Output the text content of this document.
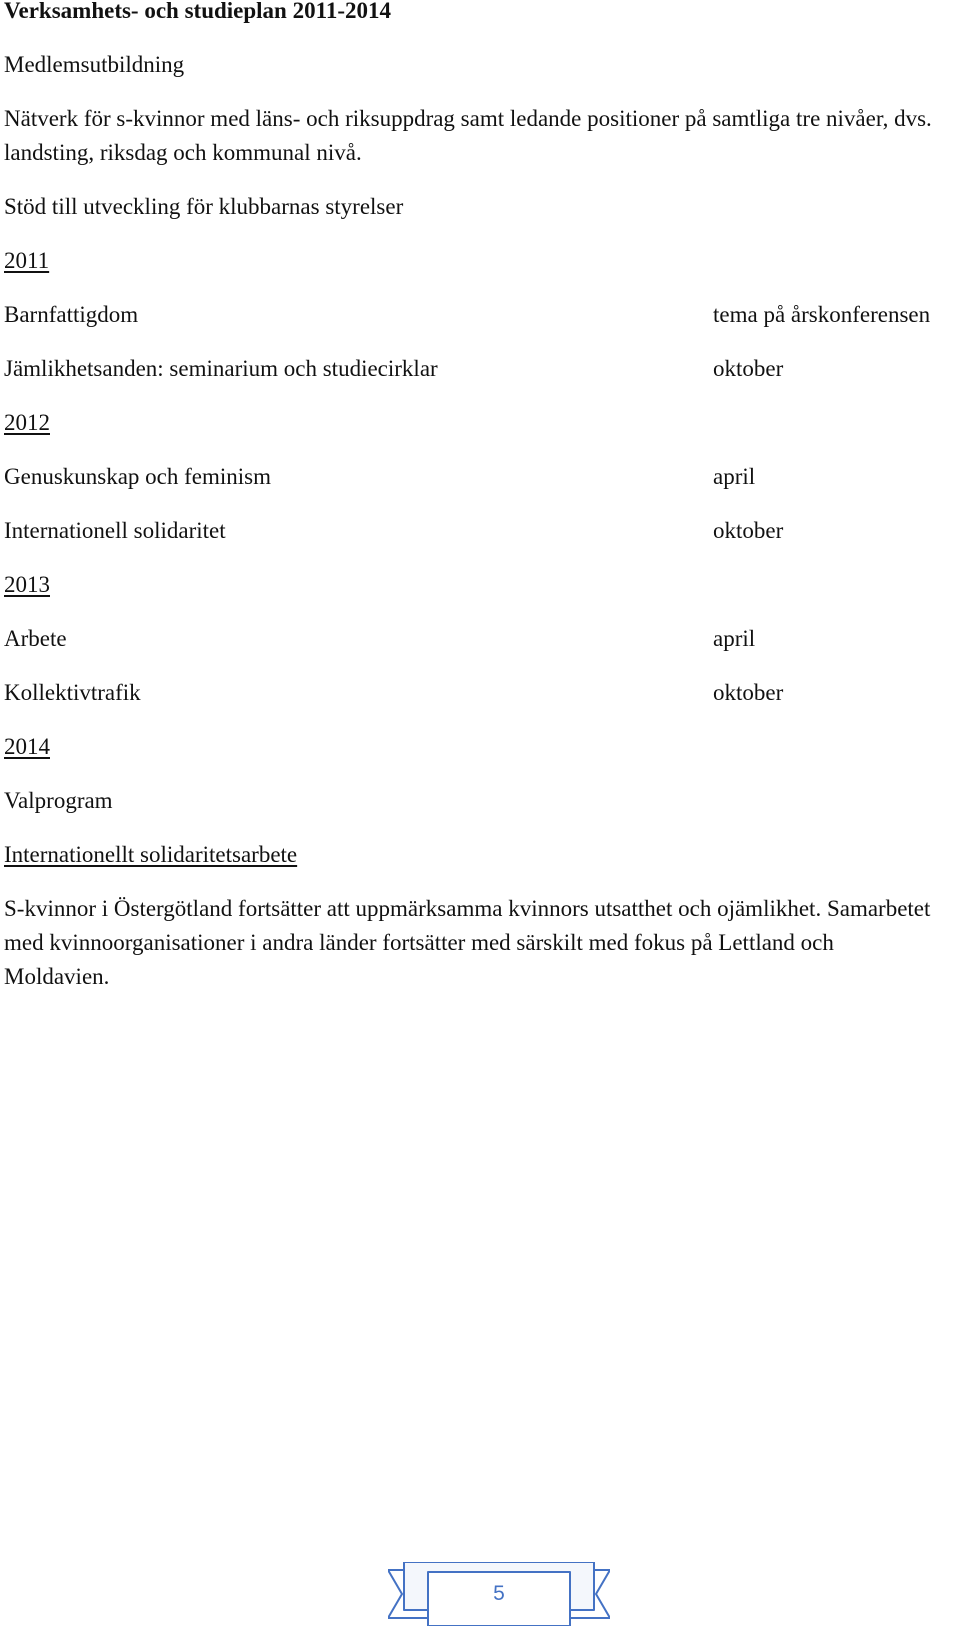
Verksamhets- och studieplan 2011-2014
Medlemsutbildning
Nätverk för s-kvinnor med läns- och riksuppdrag samt ledande positioner på samtliga tre nivåer, dvs. landsting, riksdag och kommunal nivå.
Stöd till utveckling för klubbarnas styrelser
2011
Barnfattigdom	tema på årskonferensen
Jämlikhetsanden: seminarium och studiecirklar	oktober
2012
Genuskunskap och feminism	april
Internationell solidaritet	oktober
2013
Arbete	april
Kollektivtrafik	oktober
2014
Valprogram
Internationellt solidaritetsarbete
S-kvinnor i Östergötland fortsätter att uppmärksamma kvinnors utsatthet och ojämlikhet. Samarbetet med kvinnoorganisationer i andra länder fortsätter med särskilt med fokus på Lettland och Moldavien.
5
